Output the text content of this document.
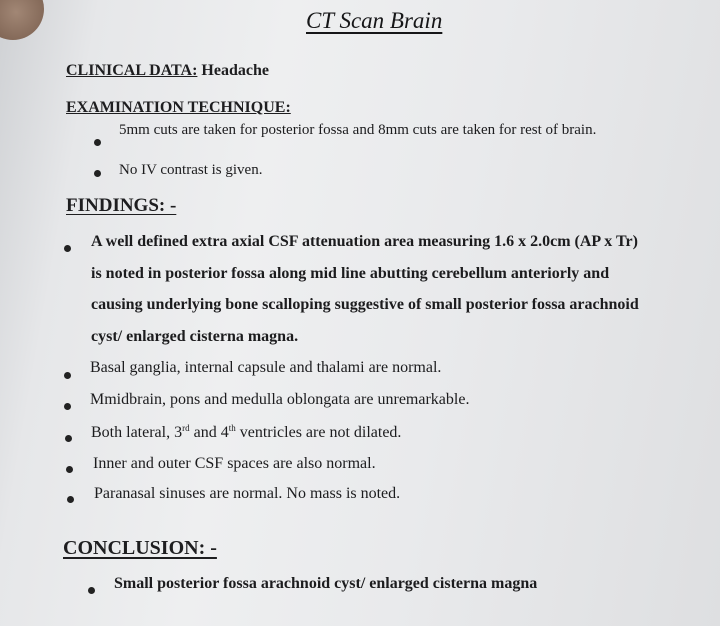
CT Scan Brain
CLINICAL DATA: Headache
EXAMINATION TECHNIQUE:
5mm cuts are taken for posterior fossa and 8mm cuts are taken for rest of brain.
No IV contrast is given.
FINDINGS: -
A well defined extra axial CSF attenuation area measuring 1.6 x 2.0cm (AP x Tr)
is noted in posterior fossa along mid line abutting cerebellum anteriorly and
causing underlying bone scalloping suggestive of small posterior fossa arachnoid
cyst/ enlarged cisterna magna.
Basal ganglia, internal capsule and thalami are normal.
Mmidbrain, pons and medulla oblongata are unremarkable.
Both lateral, 3rd and 4th ventricles are not dilated.
Inner and outer CSF spaces are also normal.
Paranasal sinuses are normal. No mass is noted.
CONCLUSION: -
Small posterior fossa arachnoid cyst/ enlarged cisterna magna
